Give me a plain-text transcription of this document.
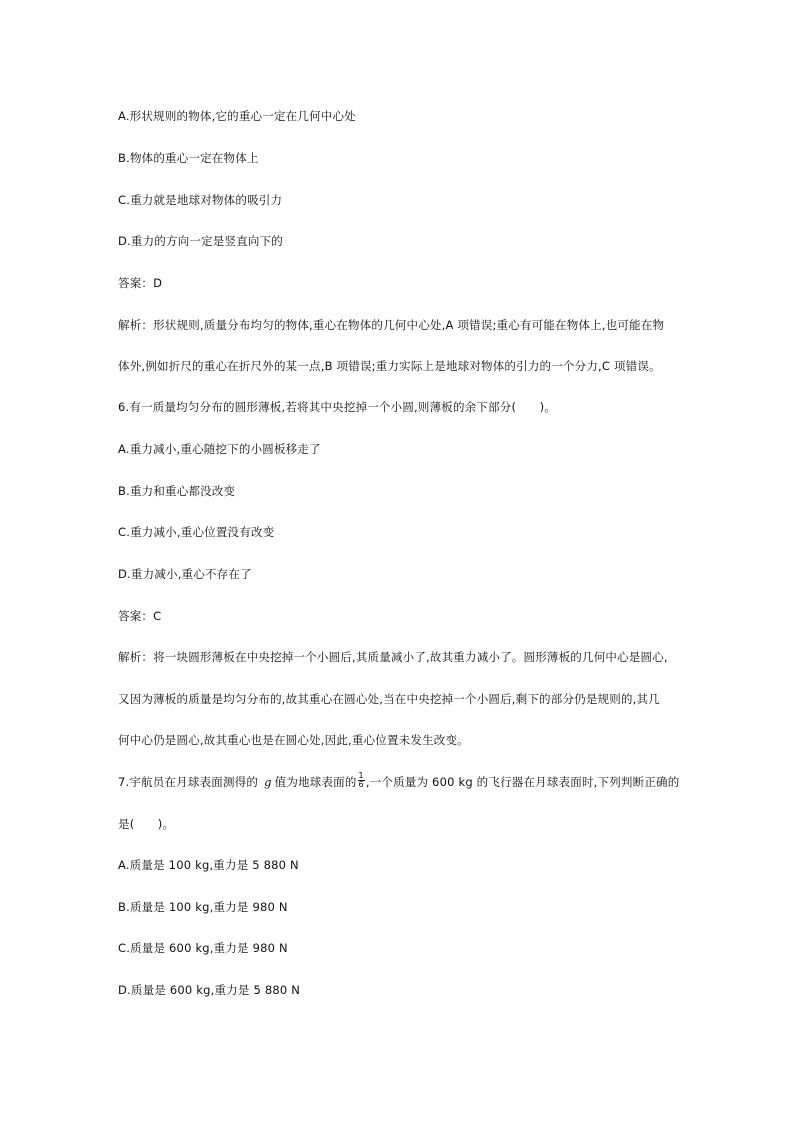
A.形状规则的物体,它的重心一定在几何中心处
B.物体的重心一定在物体上
C.重力就是地球对物体的吸引力
D.重力的方向一定是竖直向下的
答案：D
解析：形状规则,质量分布均匀的物体,重心在物体的几何中心处,A 项错误;重心有可能在物体上,也可能在物
体外,例如折尺的重心在折尺外的某一点,B 项错误;重力实际上是地球对物体的引力的一个分力,C 项错误。
6.有一质量均匀分布的圆形薄板,若将其中央挖掉一个小圆,则薄板的余下部分(　　)。
A.重力减小,重心随挖下的小圆板移走了
B.重力和重心都没改变
C.重力减小,重心位置没有改变
D.重力减小,重心不存在了
答案：C
解析：将一块圆形薄板在中央挖掉一个小圆后,其质量减小了,故其重力减小了。圆形薄板的几何中心是圆心,
又因为薄板的质量是均匀分布的,故其重心在圆心处,当在中央挖掉一个小圆后,剩下的部分仍是规则的,其几
何中心仍是圆心,故其重心也是在圆心处,因此,重心位置未发生改变。
7.宇航员在月球表面测得的 g 值为地球表面的 $\frac{1}{6}$ ,一个质量为 600 kg 的飞行器在月球表面时,下列判断正确的
是(　　)。
A.质量是 100 kg,重力是 5 880 N
B.质量是 100 kg,重力是 980 N
C.质量是 600 kg,重力是 980 N
D.质量是 600 kg,重力是 5 880 N
